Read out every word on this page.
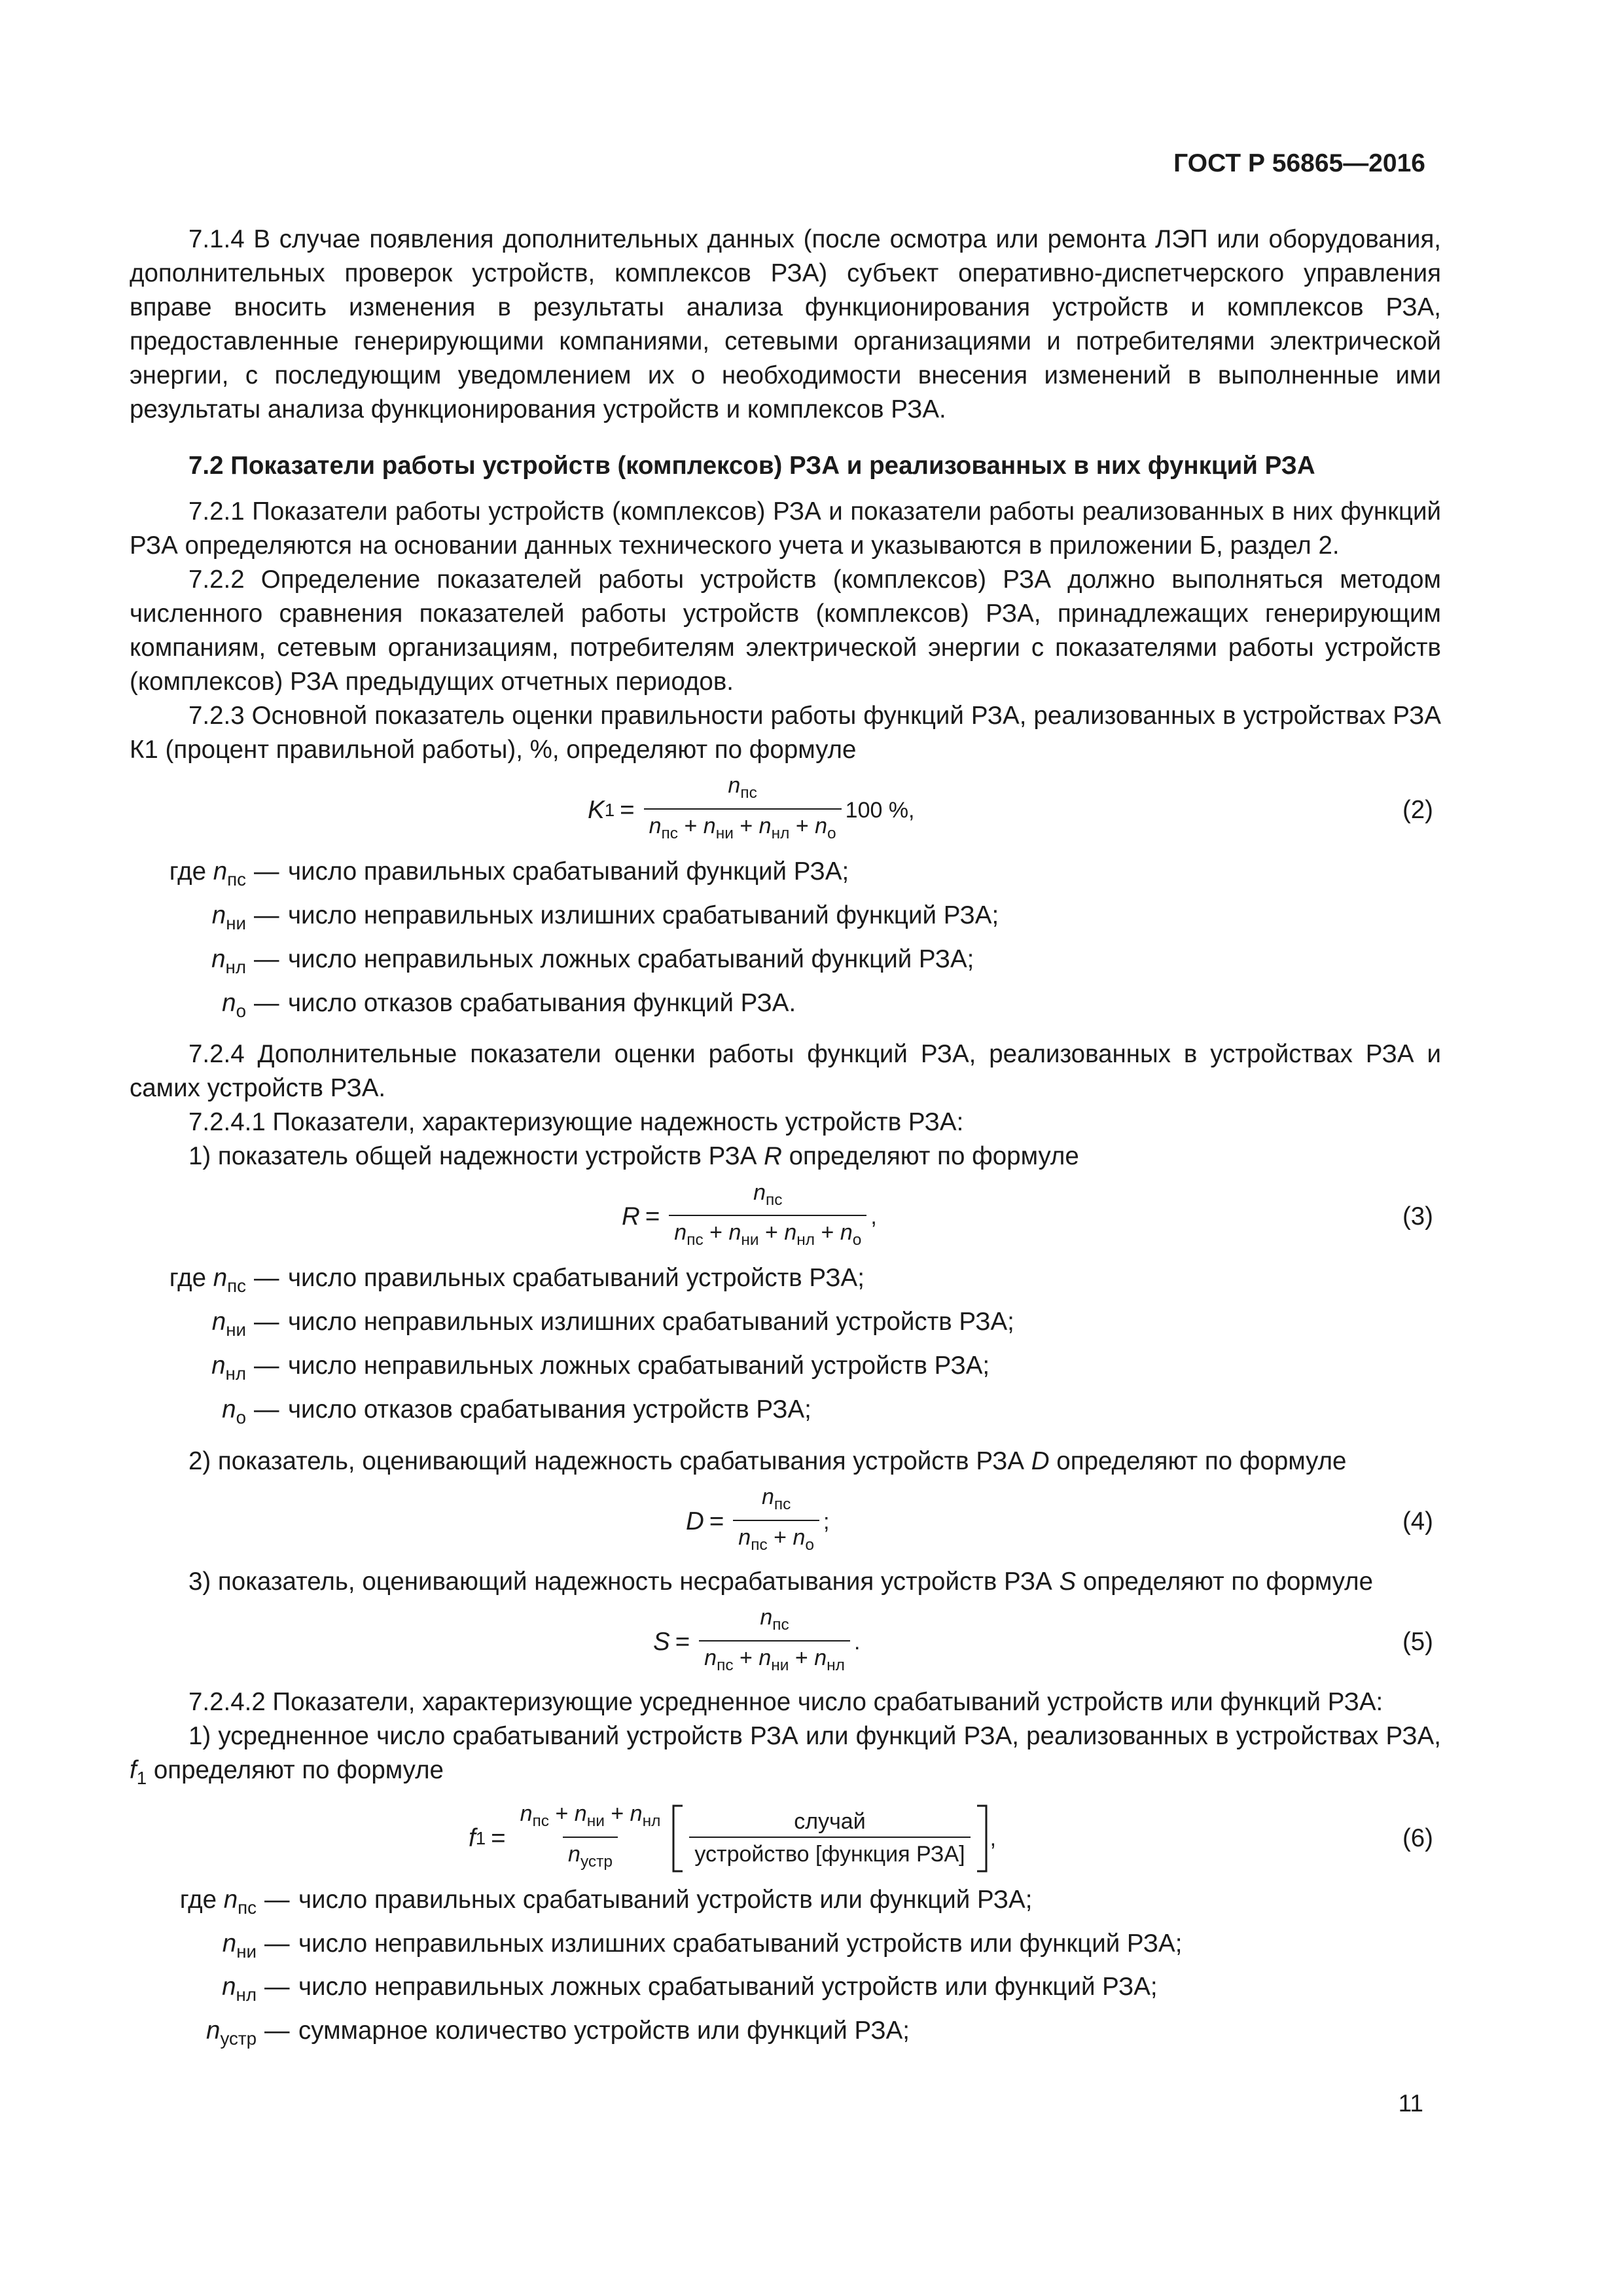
ГОСТ Р 56865—2016

7.1.4 В случае появления дополнительных данных (после осмотра или ремонта ЛЭП или оборудования, дополнительных проверок устройств, комплексов РЗА) субъект оперативно-диспетчерского управления вправе вносить изменения в результаты анализа функционирования устройств и комплексов РЗА, предоставленные генерирующими компаниями, сетевыми организациями и потребителями электрической энергии, с последующим уведомлением их о необходимости внесения изменений в выполненные ими результаты анализа функционирования устройств и комплексов РЗА.

7.2 Показатели работы устройств (комплексов) РЗА и реализованных в них функций РЗА

7.2.1 Показатели работы устройств (комплексов) РЗА и показатели работы реализованных в них функций РЗА определяются на основании данных технического учета и указываются в приложении Б, раздел 2.

7.2.2 Определение показателей работы устройств (комплексов) РЗА должно выполняться методом численного сравнения показателей работы устройств (комплексов) РЗА, принадлежащих генерирующим компаниям, сетевым организациям, потребителям электрической энергии с показателями работы устройств (комплексов) РЗА предыдущих отчетных периодов.

7.2.3 Основной показатель оценки правильности работы функций РЗА, реализованных в устройствах РЗА К1 (процент правильной работы), %, определяют по формуле

K $1 = \frac{n_{пс}}{n_{пс} + n_{ни} + n_{нл} + n_о} 100$ %,	(2)
где $n_{пс}$ — число правильных срабатываний функций РЗА;
$n_{ни}$ — число неправильных излишних срабатываний функций РЗА;
$n_{нл}$ — число неправильных ложных срабатываний функций РЗА;
$n_о$ — число отказов срабатывания функций РЗА.

7.2.4 Дополнительные показатели оценки работы функций РЗА, реализованных в устройствах РЗА и самих устройств РЗА.

7.2.4.1 Показатели, характеризующие надежность устройств РЗА:

1) показатель общей надежности устройств РЗА R определяют по формуле

$R = \frac{n_{пс}}{n_{пс} + n_{ни} + n_{нл} + n_о}$ ,	(3)
где $n_{пс}$ — число правильных срабатываний устройств РЗА;
$n_{ни}$ — число неправильных излишних срабатываний устройств РЗА;
$n_{нл}$ — число неправильных ложных срабатываний устройств РЗА;
$n_о$ — число отказов срабатывания устройств РЗА;

2) показатель, оценивающий надежность срабатывания устройств РЗА D определяют по формуле

$D = \frac{n_{пс}}{n_{пс} + n_о}$ ;	(4)

3) показатель, оценивающий надежность несрабатывания устройств РЗА S определяют по формуле

$S = \frac{n_{пс}}{n_{пс} + n_{ни} + n_{нл}}$ .	(5)

7.2.4.2 Показатели, характеризующие усредненное число срабатываний устройств или функций РЗА:

1) усредненное число срабатываний устройств РЗА или функций РЗА, реализованных в устройствах РЗА, $f_1$ определяют по формуле

f $1 = \frac{n_{пс} + n_{ни} + n_{нл}}{n_{устр}} \frac{\text{случай}}{\text{устройство [функция РЗА]}}$ ,	(6)
где $n_{пс}$ — число правильных срабатываний устройств или функций РЗА;
$n_{ни}$ — число неправильных излишних срабатываний устройств или функций РЗА;
$n_{нл}$ — число неправильных ложных срабатываний устройств или функций РЗА;
$n_{устр}$ — суммарное количество устройств или функций РЗА;
11
